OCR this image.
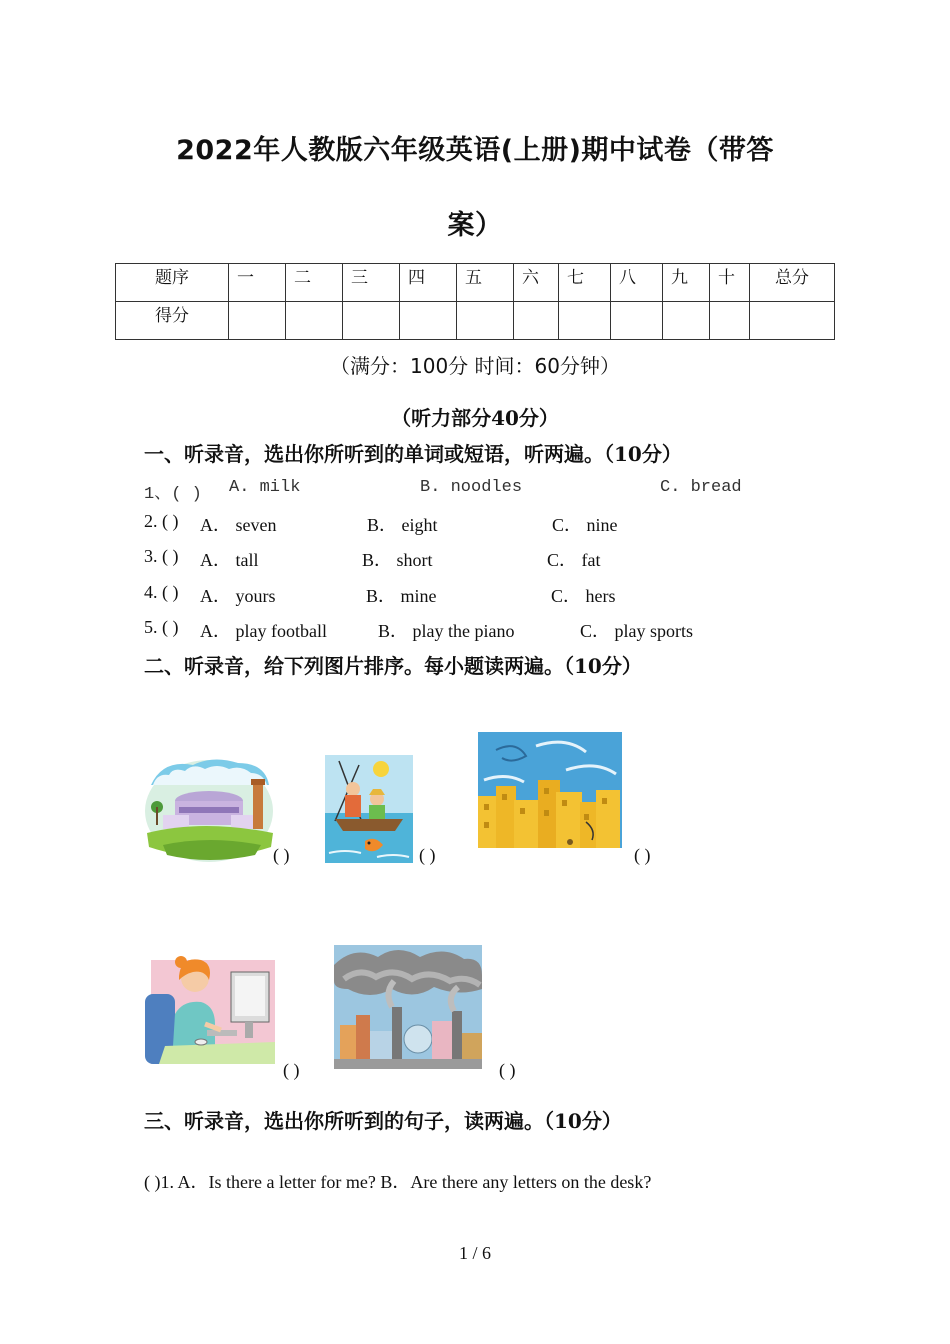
2022年人教版六年级英语(上册)期中试卷（带答
案）
题序	一	二	三	四	五	六	七	八	九	十	总分
得分											
（满分：100分 时间：60分钟）
（听力部分40分）
一、听录音，选出你所听到的单词或短语，听两遍。（10分）
1、( ) A. milk	B. noodles	C. bread
2. ( ) A． seven	B． eight	C． nine
3. ( ) A． tall	B． short	C． fat
4. ( ) A． yours	B． mine	C． hers
5. ( ) A． play football	B． play the piano	C． play sports
二、听录音，给下列图片排序。每小题读两遍。（10分）
( )	( )	( )
( )	( )
三、听录音，选出你所听到的句子，读两遍。（10分）
( )1. A．Is there a letter for me? B．Are there any letters on the desk?
1 / 6
